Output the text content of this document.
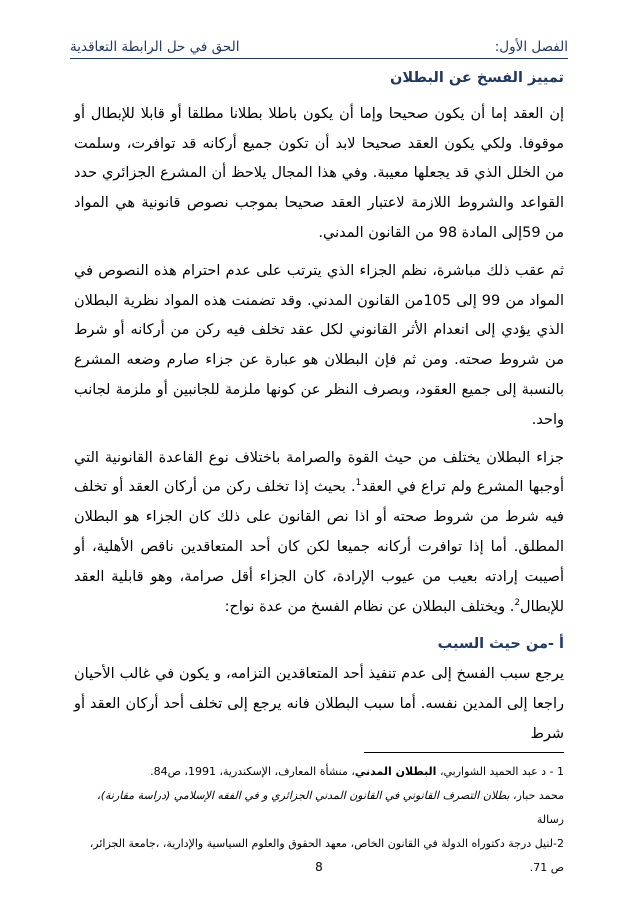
الفصل الأول:
الحق في حل الرابطة التعاقدية

تمييز الفسخ عن البطلان

إن العقد إما أن يكون صحيحا وإما أن يكون باطلا بطلانا مطلقا أو قابلا للإبطال أو موقوفا. ولكي يكون العقد صحيحا لابد أن تكون جميع أركانه قد توافرت، وسلمت من الخلل الذي قد يجعلها معيبة. وفي هذا المجال يلاحظ أن المشرع الجزائري حدد القواعد والشروط اللازمة لاعتبار العقد صحيحا بموجب نصوص قانونية هي المواد من 59إلى المادة 98 من القانون المدني.

ثم عقب ذلك مباشرة، نظم الجزاء الذي يترتب على عدم احترام هذه النصوص في المواد من 99 إلى 105من القانون المدني. وقد تضمنت هذه المواد نظرية البطلان الذي يؤدي إلى انعدام الأثر القانوني لكل عقد تخلف فيه ركن من أركانه أو شرط من شروط صحته. ومن ثم فإن البطلان هو عبارة عن جزاء صارم وضعه المشرع بالنسبة إلى جميع العقود، وبصرف النظر عن كونها ملزمة للجانبين أو ملزمة لجانب واحد.

جزاء البطلان يختلف من حيث القوة والصرامة باختلاف نوع القاعدة القانونية التي أوجبها المشرع ولم تراع في العقد$^1$. بحيث إذا تخلف ركن من أركان العقد أو تخلف فيه شرط من شروط صحته أو اذا نص القانون على ذلك كان الجزاء هو البطلان المطلق. أما إذا توافرت أركانه جميعا لكن كان أحد المتعاقدين ناقص الأهلية، أو أصيبت إرادته بعيب من عيوب الإرادة، كان الجزاء أقل صرامة، وهو قابلية العقد للإبطال$^2$. ويختلف البطلان عن نظام الفسخ من عدة نواح:

أ -من حيث السبب

يرجع سبب الفسخ إلى عدم تنفيذ أحد المتعاقدين التزامه، و يكون في غالب الأحيان راجعا إلى المدين نفسه. أما سبب البطلان فانه يرجع إلى تخلف أحد أركان العقد أو شرط

1 - د عبد الحميد الشواربي، البطلان المدني، منشأة المعارف، الإسكندرية، 1991، ص84.

محمد حبار، بطلان التصرف القانوني في القانون المدني الجزائري و في الفقه الإسلامي (دراسة مقارنة)، رسالة

2-لنيل درجة دكتوراه الدولة في القانون الخاص، معهد الحقوق والعلوم السياسية والإدارية، ،جامعة الجزائر، ص 71.

8
